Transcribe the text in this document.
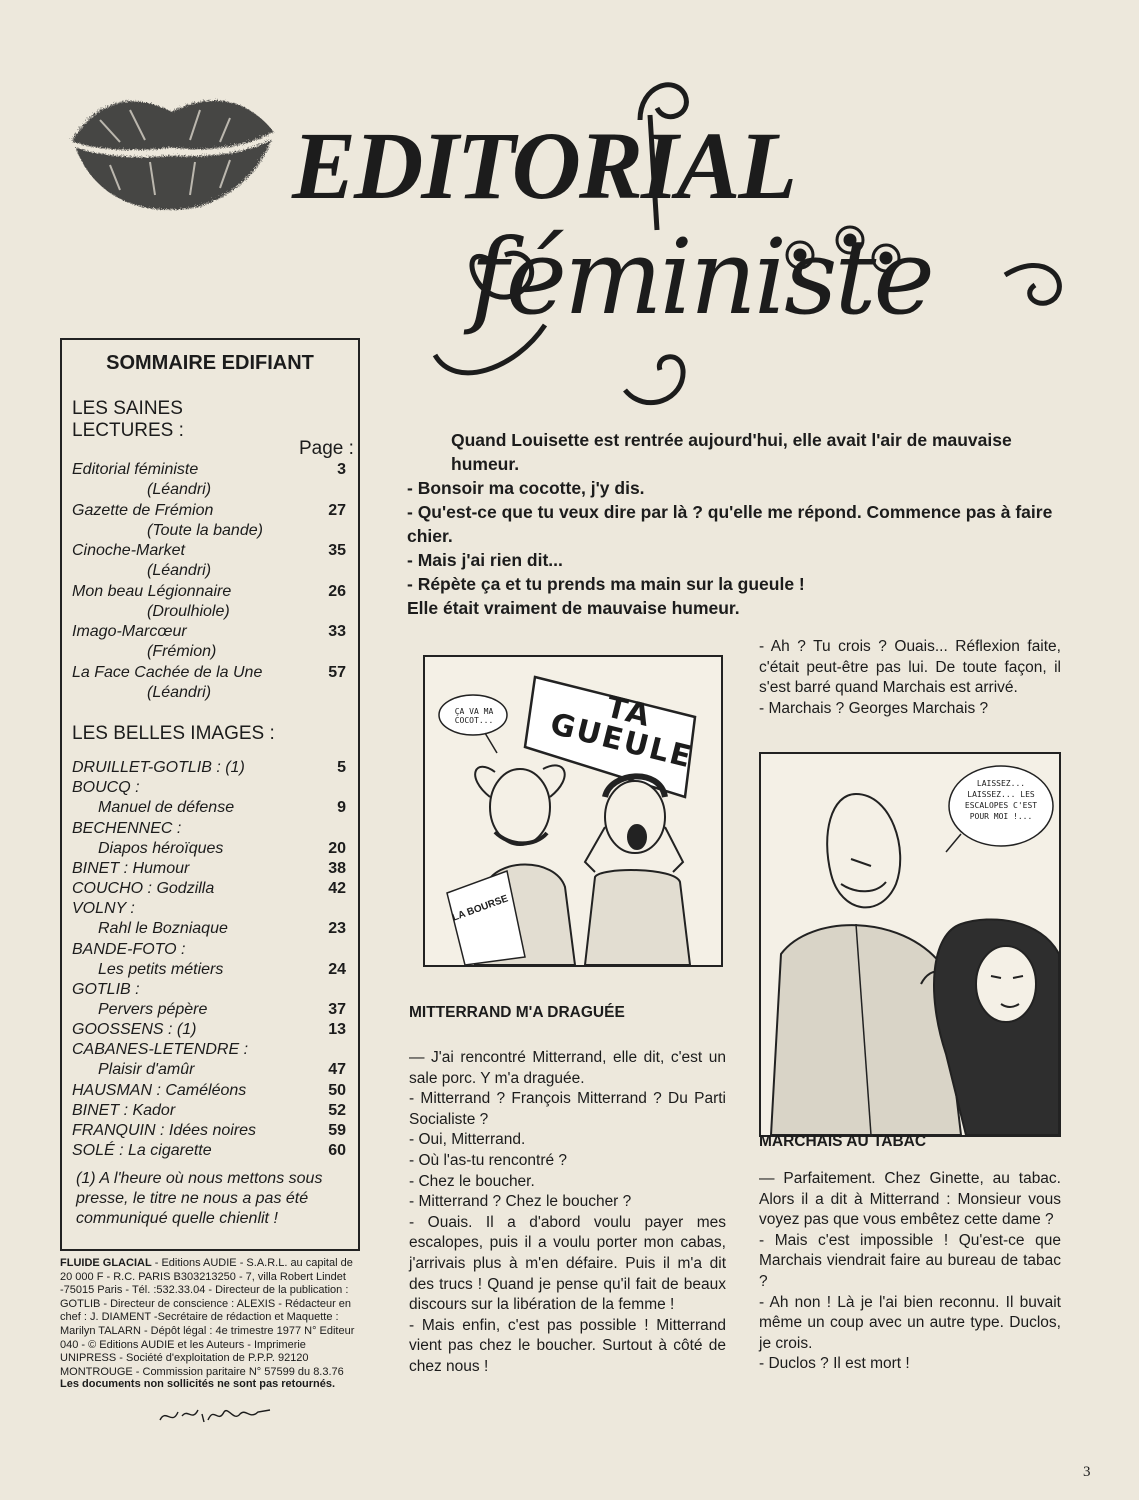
EDITORIAL
féministe
SOMMAIRE EDIFIANT
LES SAINES
LECTURES :
Page :
LES BELLES IMAGES :
(1) A l'heure où nous mettons sous presse, le titre ne nous a pas été communiqué quelle chienlit !
Editorial féministe	3
(Léandri)
Gazette de Frémion	27
(Toute la bande)
Cinoche-Market	35
(Léandri)
Mon beau Légionnaire	26
(Droulhiole)
Imago-Marcœur	33
(Frémion)
La Face Cachée de la Une	57
(Léandri)
DRUILLET-GOTLIB : (1)	5
BOUCQ :
Manuel de défense	9
BECHENNEC :
Diapos héroïques	20
BINET : Humour	38
COUCHO : Godzilla	42
VOLNY :
Rahl le Bozniaque	23
BANDE-FOTO :
Les petits métiers	24
GOTLIB :
Pervers pépère	37
GOOSSENS : (1)	13
CABANES-LETENDRE :
Plaisir d'amûr	47
HAUSMAN : Caméléons	50
BINET : Kador	52
FRANQUIN : Idées noires	59
SOLÉ : La cigarette	60
FLUIDE GLACIAL - Editions AUDIE - S.A.R.L. au capital de 20 000 F - R.C. PARIS B303213250 - 7, villa Robert Lindet -75015 Paris - Tél. :532.33.04 - Directeur de la publication : GOTLIB - Directeur de conscience : ALEXIS - Rédacteur en chef : J. DIAMENT -Secrétaire de rédaction et Maquette : Marilyn TALARN - Dépôt légal : 4e trimestre 1977 N° Editeur 040 - © Editions AUDIE et les Auteurs - Imprimerie UNIPRESS - Société d'exploitation de P.P.P. 92120 MONTROUGE - Commission paritaire N° 57599 du 8.3.76
Les documents non sollicités ne sont pas retournés.

Quand Louisette est rentrée aujourd'hui, elle avait l'air de mauvaise humeur.

- Bonsoir ma cocotte, j'y dis.

- Qu'est-ce que tu veux dire par là ? qu'elle me répond. Commence pas à faire chier.

- Mais j'ai rien dit...

- Répète ça et tu prends ma main sur la gueule !

Elle était vraiment de mauvaise humeur.

ÇA VA MA COCOT...	TA GUEULE
LA BOURSE

- Ah ? Tu crois ? Ouais... Réflexion faite, c'était peut-être pas lui. De toute façon, il s'est barré quand Marchais est arrivé.

- Marchais ? Georges Marchais ?

LAISSEZ... LAISSEZ... LES ESCALOPES C'EST POUR MOI !...
MITTERRAND M'A DRAGUÉE

— J'ai rencontré Mitterrand, elle dit, c'est un sale porc. Y m'a draguée.

- Mitterrand ? François Mitterrand ? Du Parti Socialiste ?

- Oui, Mitterrand.

- Où l'as-tu rencontré ?

- Chez le boucher.

- Mitterrand ? Chez le boucher ?

- Ouais. Il a d'abord voulu payer mes escalopes, puis il a voulu porter mon cabas, j'arrivais plus à m'en défaire. Puis il m'a dit des trucs ! Quand je pense qu'il fait de beaux discours sur la libération de la femme !

- Mais enfin, c'est pas possible ! Mitterrand vient pas chez le boucher. Surtout à côté de chez nous !

MARCHAIS AU TABAC

— Parfaitement. Chez Ginette, au tabac. Alors il a dit à Mitterrand : Monsieur vous voyez pas que vous embêtez cette dame ?

- Mais c'est impossible ! Qu'est-ce que Marchais viendrait faire au bureau de tabac ?

- Ah non ! Là je l'ai bien reconnu. Il buvait même un coup avec un autre type. Duclos, je crois.

- Duclos ? Il est mort !

3
